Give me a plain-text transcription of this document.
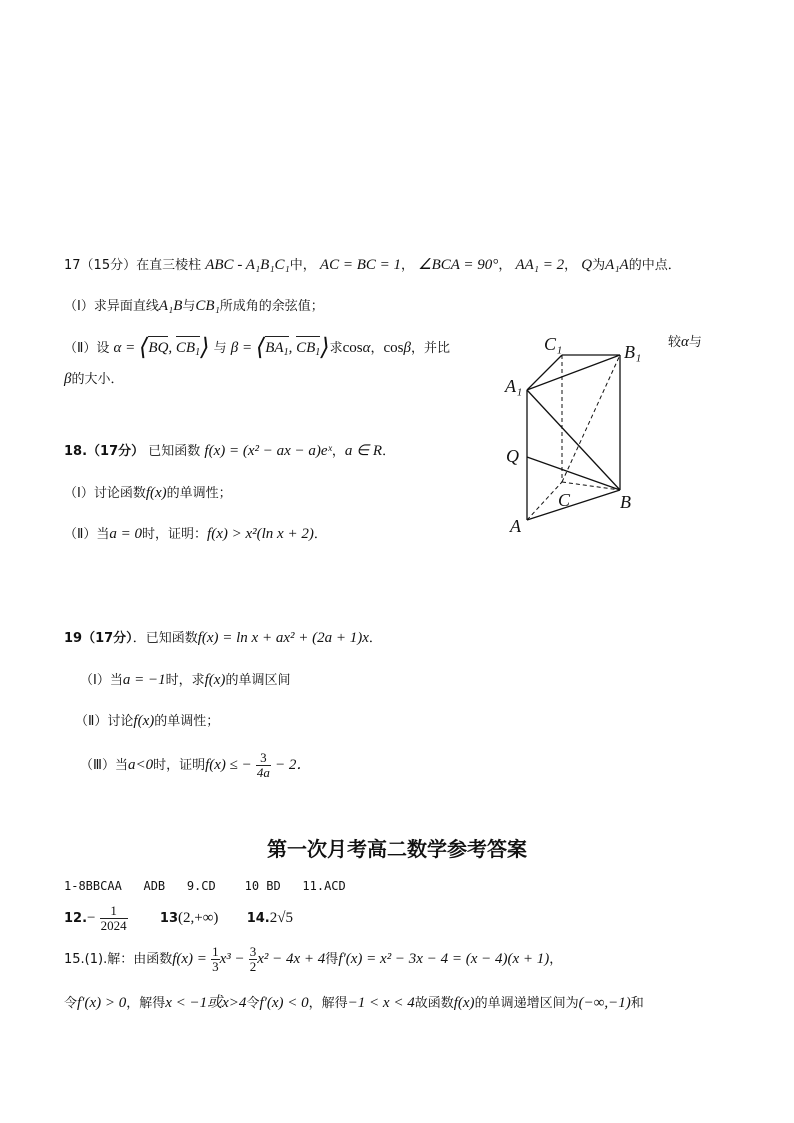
17（15分）在直三棱柱 ABC - A₁B₁C₁中， AC = BC = 1， ∠BCA = 90°， AA₁ = 2， Q为A₁A的中点．
（Ⅰ）求异面直线A₁B与CB₁所成角的余弦值；
（Ⅱ）设 α = ⟨BQ, $CB_1⟩$ 与 $\beta = ⟨BA_1$, $CB_1⟩$求cosα，cosβ，并比	较α与
β的大小．
C₁	B₁
A₁
Q
C	B
A
18.（17分） 已知函数 f(x) = (x² − ax − a)eˣ，a ∈ R．
（Ⅰ）讨论函数f(x)的单调性；
（Ⅱ）当a = 0时，证明：f(x) > x²(ln x + 2)．
19（17分）．已知函数f(x) = ln x + ax² + (2a + 1)x．
（Ⅰ）当a = −1时，求f(x)的单调区间
（Ⅱ）讨论f(x)的单调性；
（Ⅲ）当a<0时，证明f(x) ≤ − $\frac{3}{4a} - 2$．
第一次月考高二数学参考答案
1-8BBCAA   ADB   9.CD    10 BD   11.ACD
$12.- \frac{1}{2024} 13(2,+\infty)$ 14.2√5
15.(1).解：由函数$f(x) = \frac{1}{3} x^3 - \frac{3}{2} x^2 - 4x + 4$得f′(x) = x² − 3x − 4 = (x − 4)(x + 1)，
令f′(x) > 0，解得x < −1或x>4令f′(x) < 0，解得−1 < x < 4故函数f(x)的单调递增区间为(−∞,−1)和
